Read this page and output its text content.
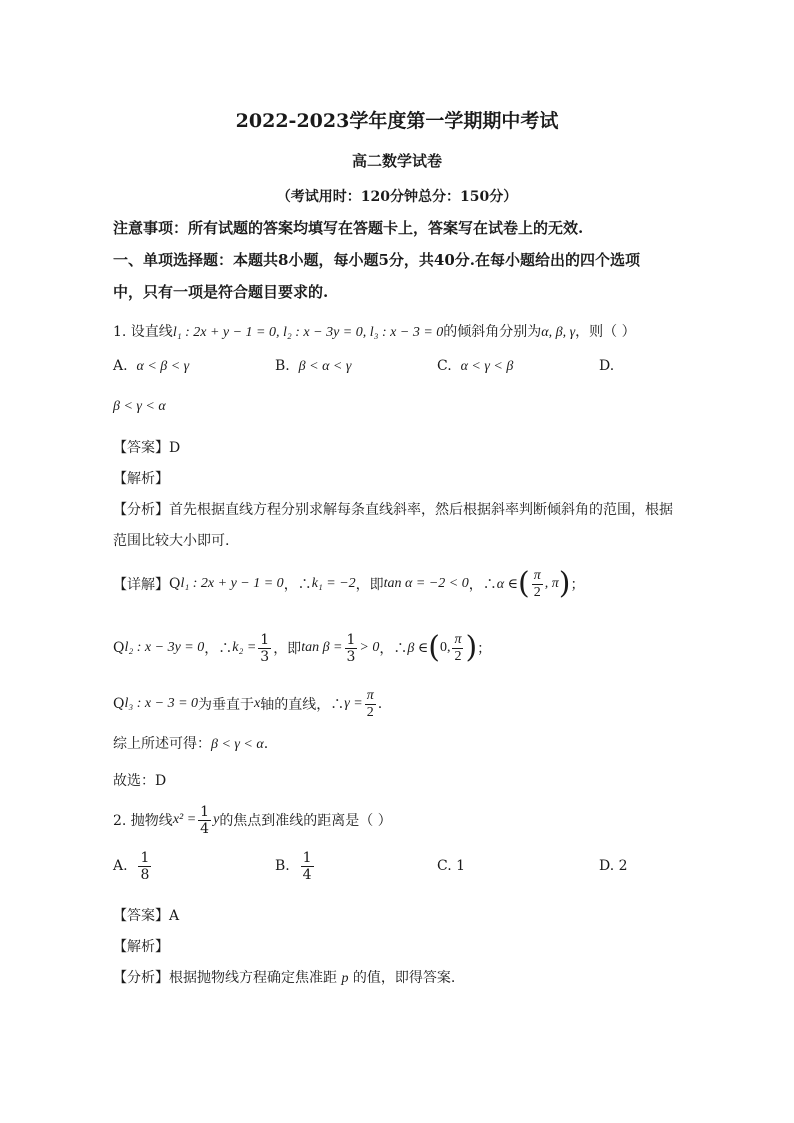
2022-2023学年度第一学期期中考试
高二数学试卷
（考试用时：120分钟总分：150分）
注意事项：所有试题的答案均填写在答题卡上，答案写在试卷上的无效.
一、单项选择题：本题共8小题，每小题5分，共40分.在每小题给出的四个选项
中，只有一项是符合题目要求的.
1. 设直线l₁ : 2x + y − 1 = 0, l₂ : x − 3y = 0, l₃ : x − 3 = 0的倾斜角分别为α, β, γ，则（ ）
A. α < β < γ	B. β < α < γ	C. α < γ < β	D.
β < γ < α
【答案】D
【解析】
【分析】首先根据直线方程分别求解每条直线斜率，然后根据斜率判断倾斜角的范围，根据
范围比较大小即可.
【详解】 Q l₁ : 2x + y − 1 = 0 ，∴ k₁ = −2 ，即 tan α = −2 < 0 ，∴ α ∈ ( $\frac{\pi}{2}$ , π ) ；
Q l₂ : x − 3y = 0 ，∴ $k_2 = \frac{1}{3}$ ，即 $\tan \beta = \frac{1}{3} > 0$ ，∴ β ∈ ( 0, $\frac{\pi}{2}$ ) ；
Q l₃ : x − 3 = 0 为垂直于 x 轴的直线，∴ $\gamma = \frac{\pi}{2}$ .
综上所述可得：β < γ < α.
故选：D
2. 抛物线 $x^2 = \frac{1}{4}$ y 的焦点到准线的距离是（ ）
A.
$\frac{1}{8}$	B.
$\frac{1}{4}$	C. 1	D. 2
【答案】A
【解析】
【分析】根据抛物线方程确定焦准距 p 的值，即得答案.
